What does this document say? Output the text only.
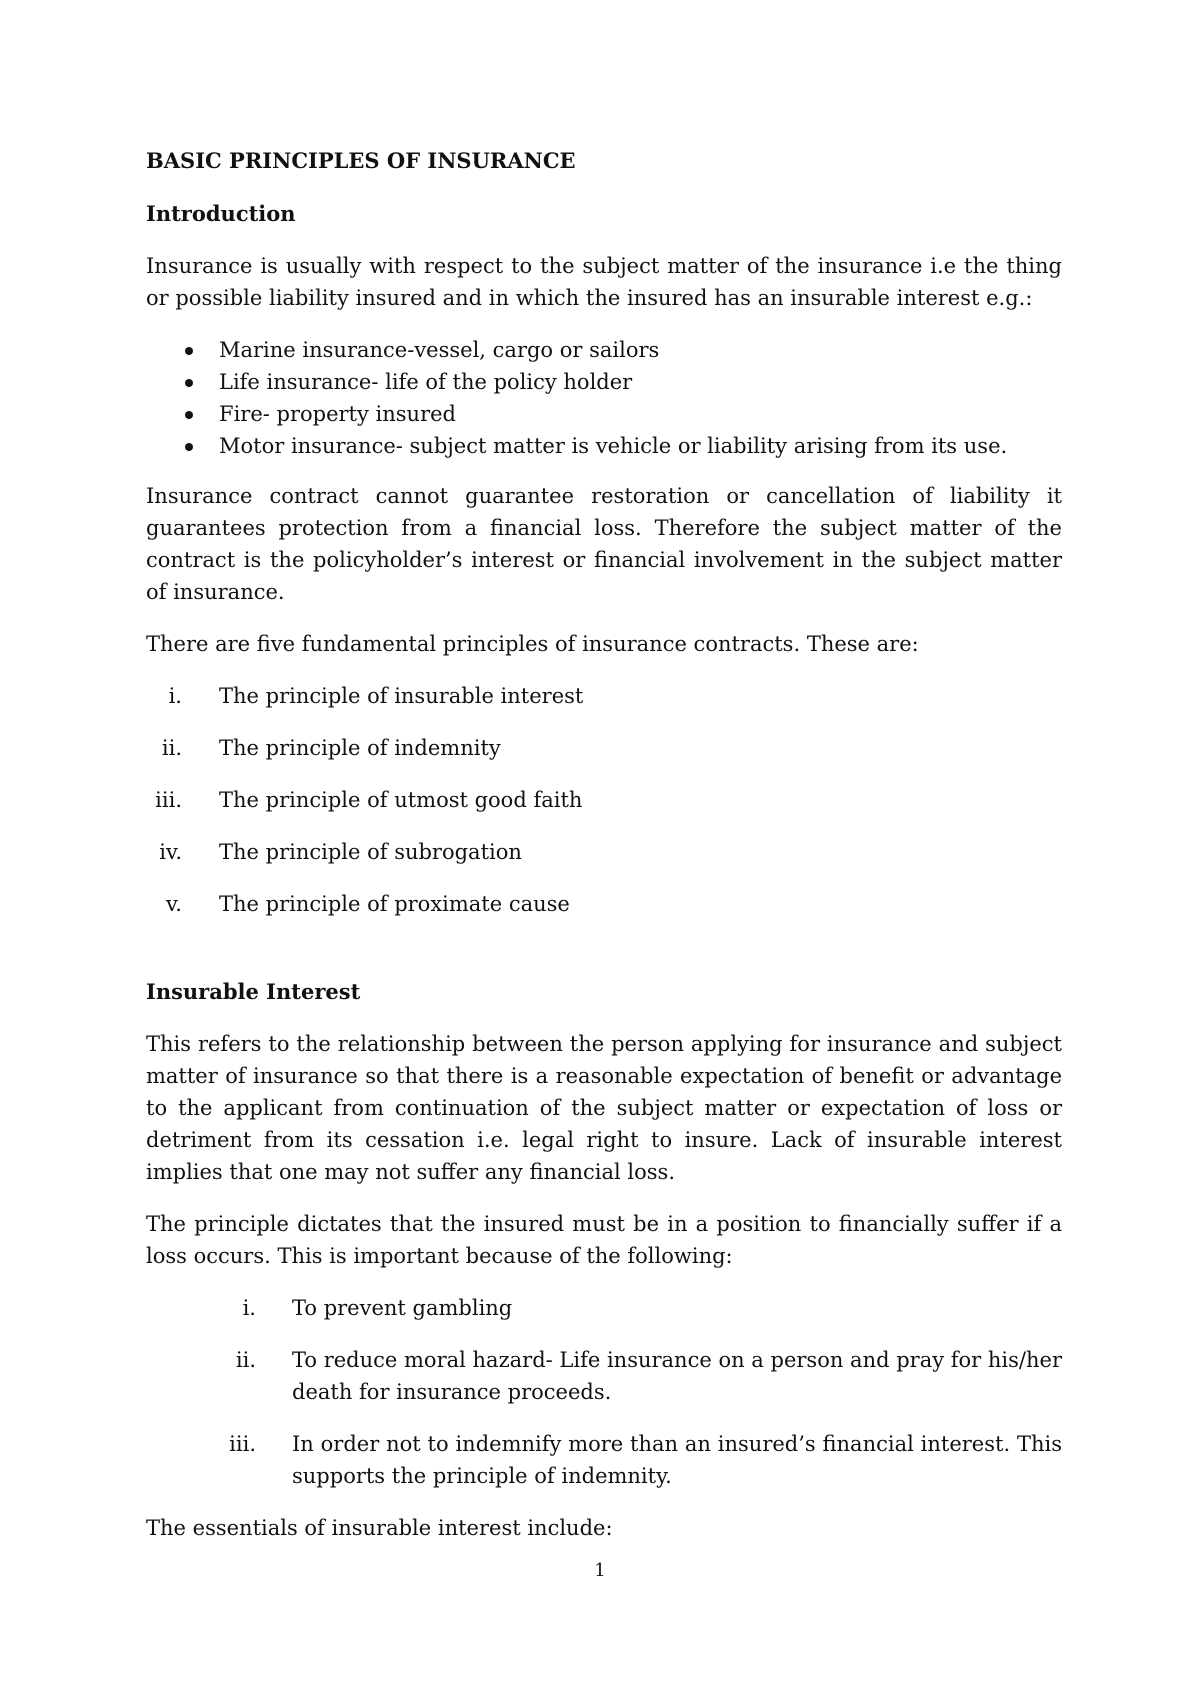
BASIC PRINCIPLES OF INSURANCE
Introduction

Insurance is usually with respect to the subject matter of the insurance i.e the thing or possible liability insured and in which the insured has an insurable interest e.g.:

Marine insurance-vessel, cargo or sailors
Life insurance- life of the policy holder
Fire- property insured
Motor insurance- subject matter is vehicle or liability arising from its use.

Insurance contract cannot guarantee restoration or cancellation of liability it guarantees protection from a financial loss. Therefore the subject matter of the contract is the policyholder’s interest or financial involvement in the subject matter of insurance.

There are five fundamental principles of insurance contracts. These are:

i. The principle of insurable interest
ii. The principle of indemnity
iii. The principle of utmost good faith
iv. The principle of subrogation
v. The principle of proximate cause
Insurable Interest

This refers to the relationship between the person applying for insurance and subject matter of insurance so that there is a reasonable expectation of benefit or advantage to the applicant from continuation of the subject matter or expectation of loss or detriment from its cessation i.e. legal right to insure. Lack of insurable interest implies that one may not suffer any financial loss.

The principle dictates that the insured must be in a position to financially suffer if a loss occurs. This is important because of the following:

i. To prevent gambling
ii. To reduce moral hazard- Life insurance on a person and pray for his/her death for insurance proceeds.
iii. In order not to indemnify more than an insured’s financial interest. This supports the principle of indemnity.

The essentials of insurable interest include:

1
